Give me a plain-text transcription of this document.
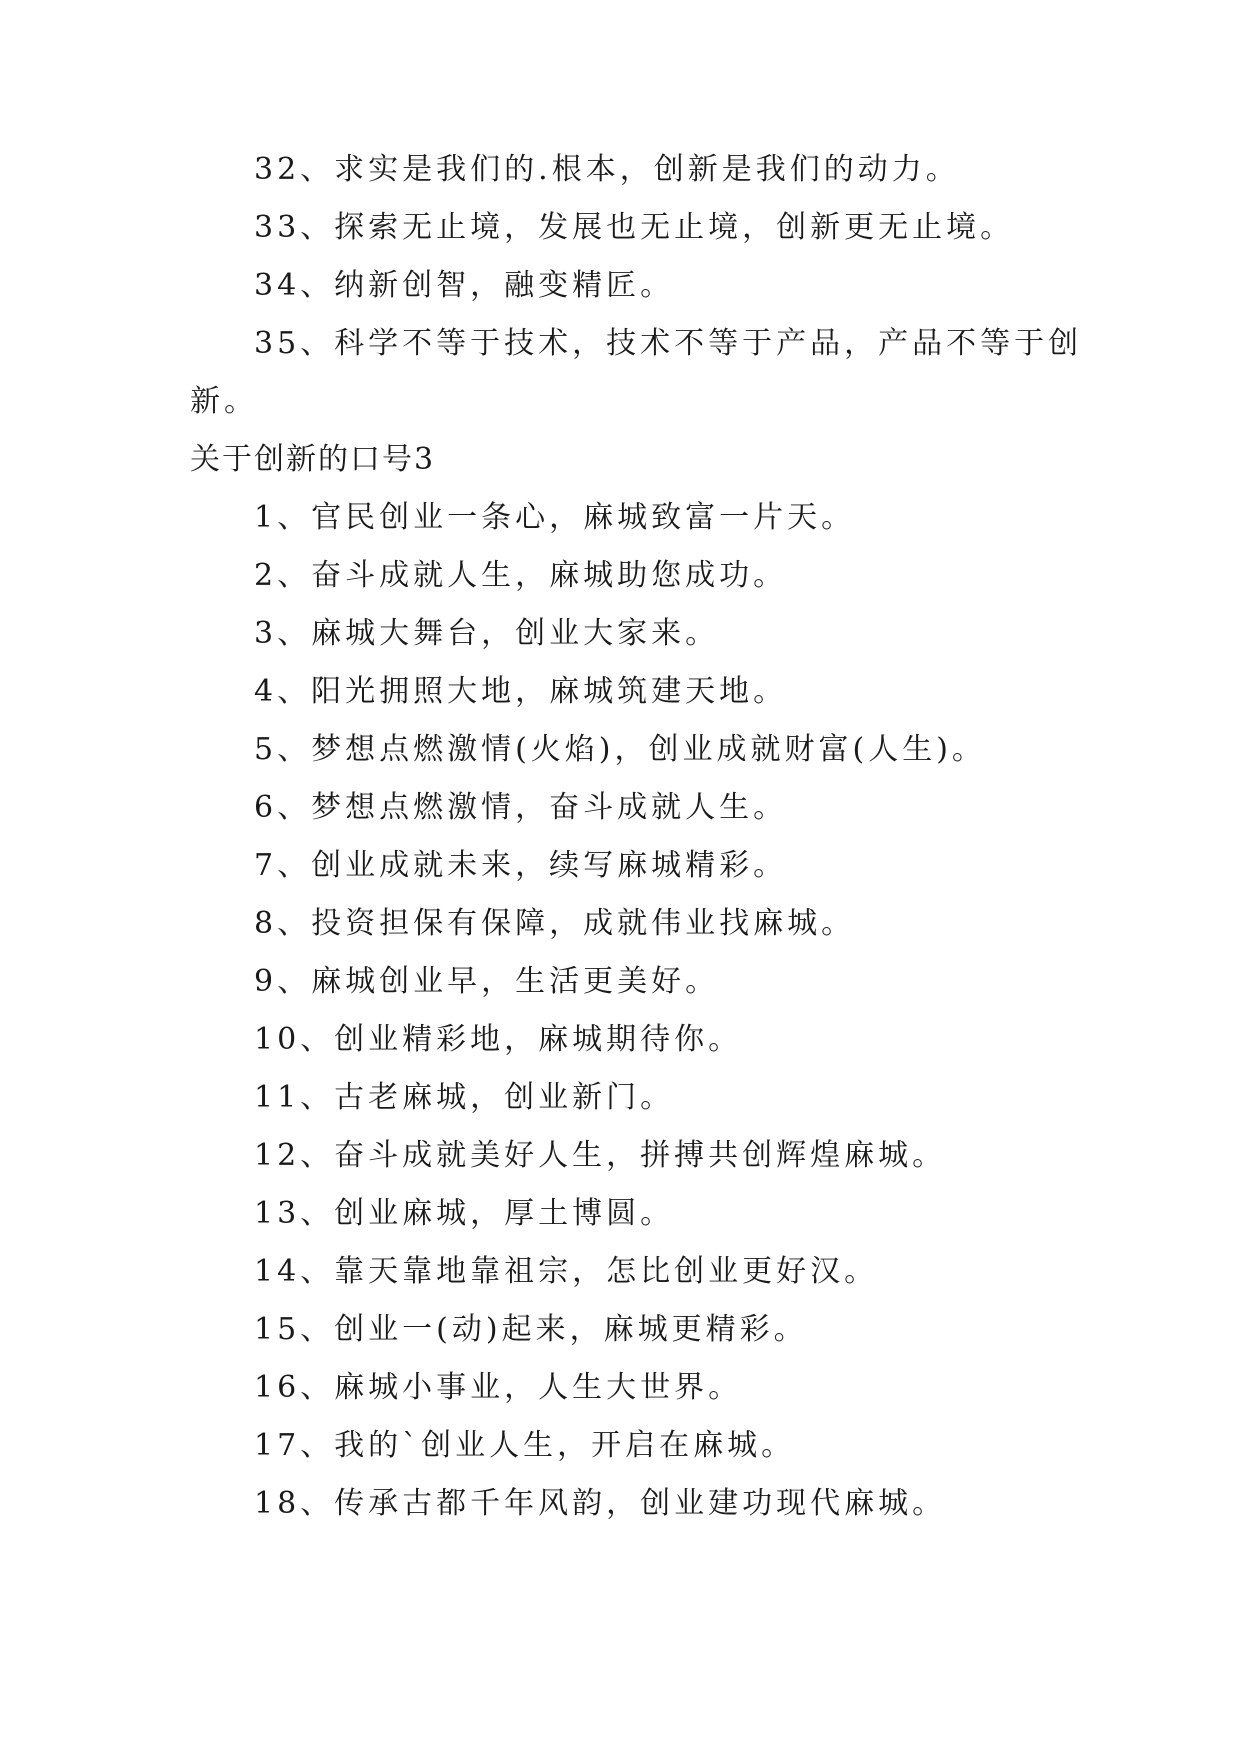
32、求实是我们的.根本，创新是我们的动力。
33、探索无止境，发展也无止境，创新更无止境。
34、纳新创智，融变精匠。
35、科学不等于技术，技术不等于产品，产品不等于创
新。
关于创新的口号3
1、官民创业一条心，麻城致富一片天。
2、奋斗成就人生，麻城助您成功。
3、麻城大舞台，创业大家来。
4、阳光拥照大地，麻城筑建天地。
5、梦想点燃激情(火焰)，创业成就财富(人生)。
6、梦想点燃激情，奋斗成就人生。
7、创业成就未来，续写麻城精彩。
8、投资担保有保障，成就伟业找麻城。
9、麻城创业早，生活更美好。
10、创业精彩地，麻城期待你。
11、古老麻城，创业新门。
12、奋斗成就美好人生，拼搏共创辉煌麻城。
13、创业麻城，厚土博圆。
14、靠天靠地靠祖宗，怎比创业更好汉。
15、创业一(动)起来，麻城更精彩。
16、麻城小事业，人生大世界。
17、我的`创业人生，开启在麻城。
18、传承古都千年风韵，创业建功现代麻城。
